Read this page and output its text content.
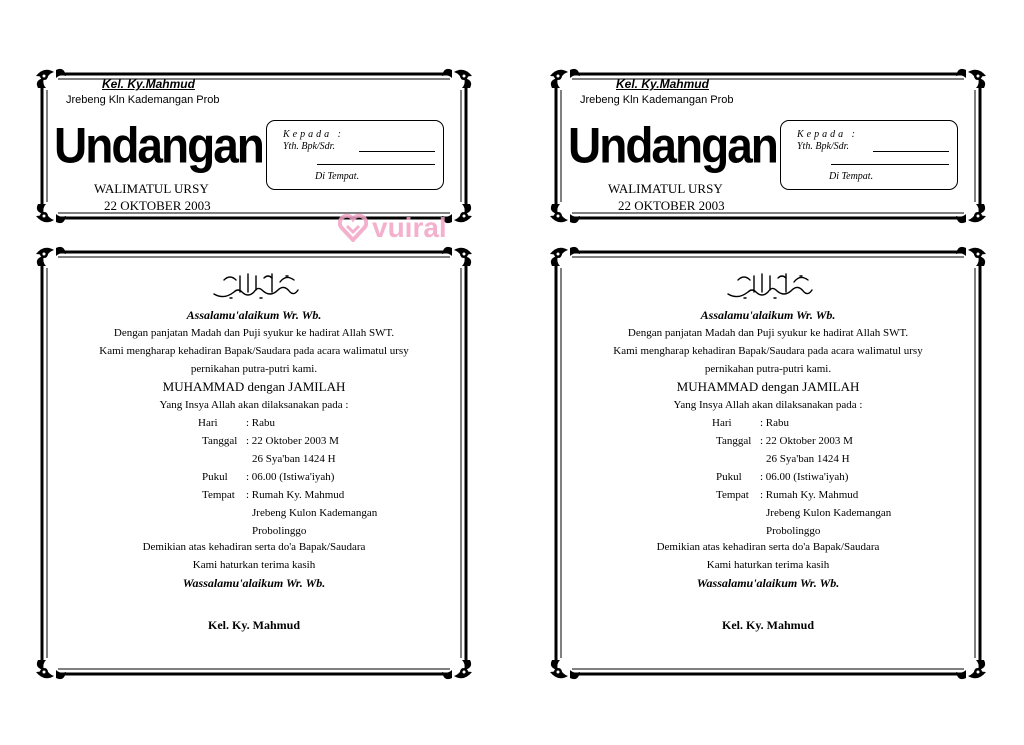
Kel. Ky.Mahmud
Jrebeng Kln Kademangan Prob
Undangan
WALIMATUL URSY
22 OKTOBER 2003
Kepada :
Yth. Bpk/Sdr.
Di Tempat.
Assalamu'alaikum Wr. Wb.
Dengan panjatan Madah dan Puji syukur ke hadirat Allah SWT.
Kami mengharap kehadiran Bapak/Saudara pada acara walimatul ursy
pernikahan putra-putri kami.
MUHAMMAD dengan JAMILAH
Yang Insya Allah akan dilaksanakan pada :
Hari	: Rabu
Tanggal : 22 Oktober 2003 M
26 Sya'ban 1424 H
Pukul : 06.00 (Istiwa'iyah)
Tempat : Rumah Ky. Mahmud
Jrebeng Kulon Kademangan
Probolinggo
Demikian atas kehadiran serta do'a Bapak/Saudara
Kami haturkan terima kasih
Wassalamu'alaikum Wr. Wb.
Kel. Ky. Mahmud
Kel. Ky.Mahmud
Jrebeng Kln Kademangan Prob
Undangan
WALIMATUL URSY
22 OKTOBER 2003
Kepada :
Yth. Bpk/Sdr.
Di Tempat.
Assalamu'alaikum Wr. Wb.
Dengan panjatan Madah dan Puji syukur ke hadirat Allah SWT.
Kami mengharap kehadiran Bapak/Saudara pada acara walimatul ursy
pernikahan putra-putri kami.
MUHAMMAD dengan JAMILAH
Yang Insya Allah akan dilaksanakan pada :
Hari	: Rabu
Tanggal : 22 Oktober 2003 M
26 Sya'ban 1424 H
Pukul : 06.00 (Istiwa'iyah)
Tempat : Rumah Ky. Mahmud
Jrebeng Kulon Kademangan
Probolinggo
Demikian atas kehadiran serta do'a Bapak/Saudara
Kami haturkan terima kasih
Wassalamu'alaikum Wr. Wb.
Kel. Ky. Mahmud
vuiral
